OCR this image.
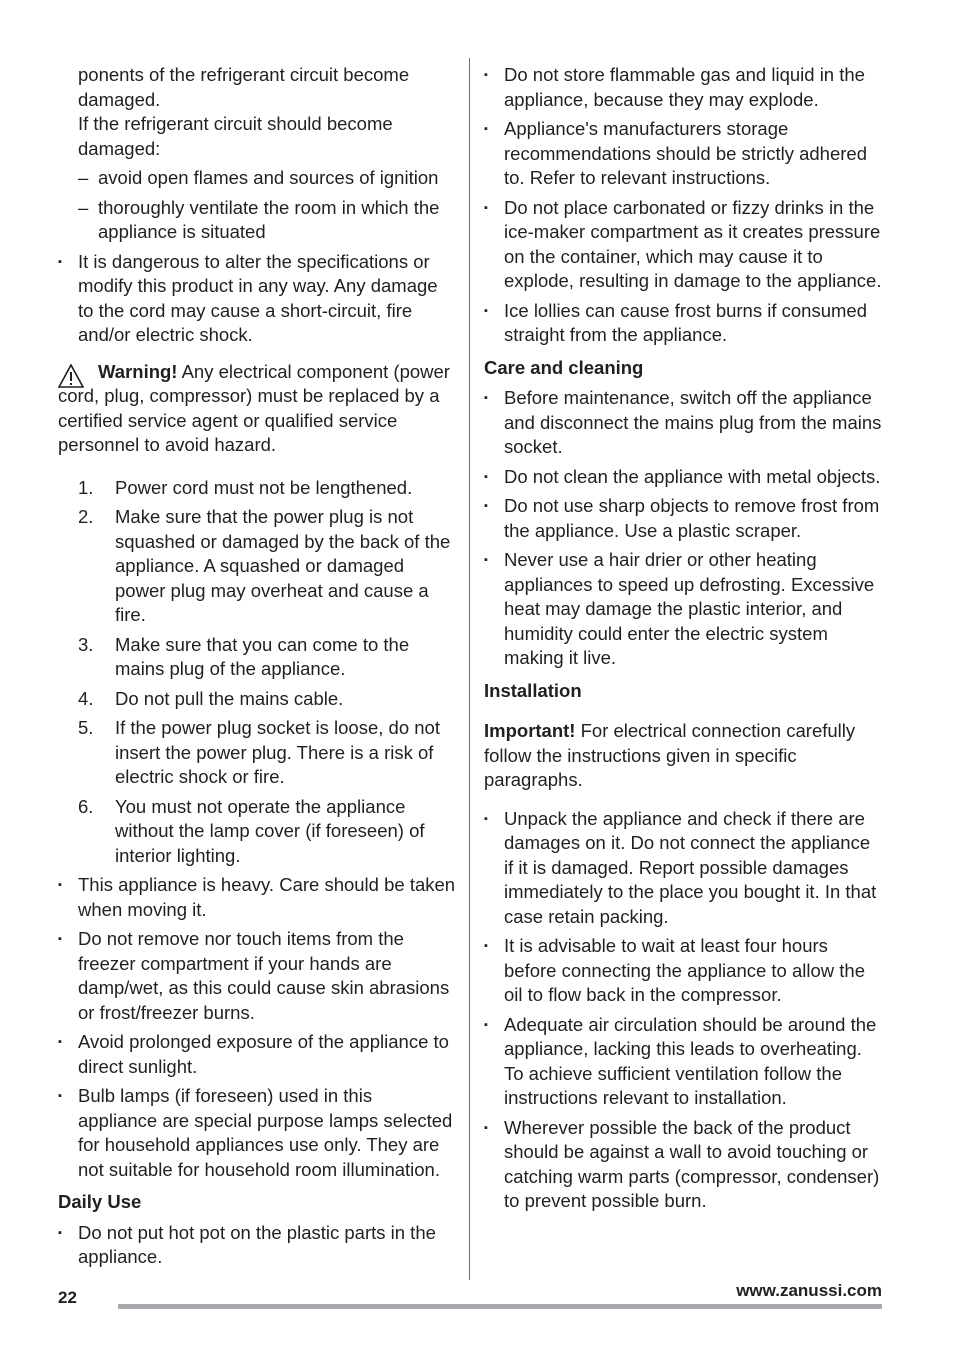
ponents of the refrigerant circuit become damaged.
If the refrigerant circuit should become damaged:
– avoid open flames and sources of ignition
– thoroughly ventilate the room in which the appliance is situated
▪ It is dangerous to alter the specifications or modify this product in any way. Any damage to the cord may cause a short-circuit, fire and/or electric shock.
Warning! Any electrical component (power cord, plug, compressor) must be replaced by a certified service agent or qualified service personnel to avoid hazard.
1.	Power cord must not be lengthened.
2.	Make sure that the power plug is not squashed or damaged by the back of the appliance. A squashed or damaged power plug may overheat and cause a fire.
3.	Make sure that you can come to the mains plug of the appliance.
4.	Do not pull the mains cable.
5.	If the power plug socket is loose, do not insert the power plug. There is a risk of electric shock or fire.
6.	You must not operate the appliance without the lamp cover (if foreseen) of interior lighting.
▪ This appliance is heavy. Care should be taken when moving it.
▪ Do not remove nor touch items from the freezer compartment if your hands are damp/wet, as this could cause skin abrasions or frost/freezer burns.
▪ Avoid prolonged exposure of the appliance to direct sunlight.
▪ Bulb lamps (if foreseen) used in this appliance are special purpose lamps selected for household appliances use only. They are not suitable for household room illumination.
Daily Use
▪ Do not put hot pot on the plastic parts in the appliance.
▪ Do not store flammable gas and liquid in the appliance, because they may explode.
▪ Appliance's manufacturers storage recommendations should be strictly adhered to. Refer to relevant instructions.
▪ Do not place carbonated or fizzy drinks in the ice-maker compartment as it creates pressure on the container, which may cause it to explode, resulting in damage to the appliance.
▪ Ice lollies can cause frost burns if consumed straight from the appliance.
Care and cleaning
▪ Before maintenance, switch off the appliance and disconnect the mains plug from the mains socket.
▪ Do not clean the appliance with metal objects.
▪ Do not use sharp objects to remove frost from the appliance. Use a plastic scraper.
▪ Never use a hair drier or other heating appliances to speed up defrosting. Excessive heat may damage the plastic interior, and humidity could enter the electric system making it live.
Installation
Important! For electrical connection carefully follow the instructions given in specific paragraphs.
▪ Unpack the appliance and check if there are damages on it. Do not connect the appliance if it is damaged. Report possible damages immediately to the place you bought it. In that case retain packing.
▪ It is advisable to wait at least four hours before connecting the appliance to allow the oil to flow back in the compressor.
▪ Adequate air circulation should be around the appliance, lacking this leads to overheating. To achieve sufficient ventilation follow the instructions relevant to installation.
▪ Wherever possible the back of the product should be against a wall to avoid touching or catching warm parts (compressor, condenser) to prevent possible burn.
22	www.zanussi.com
